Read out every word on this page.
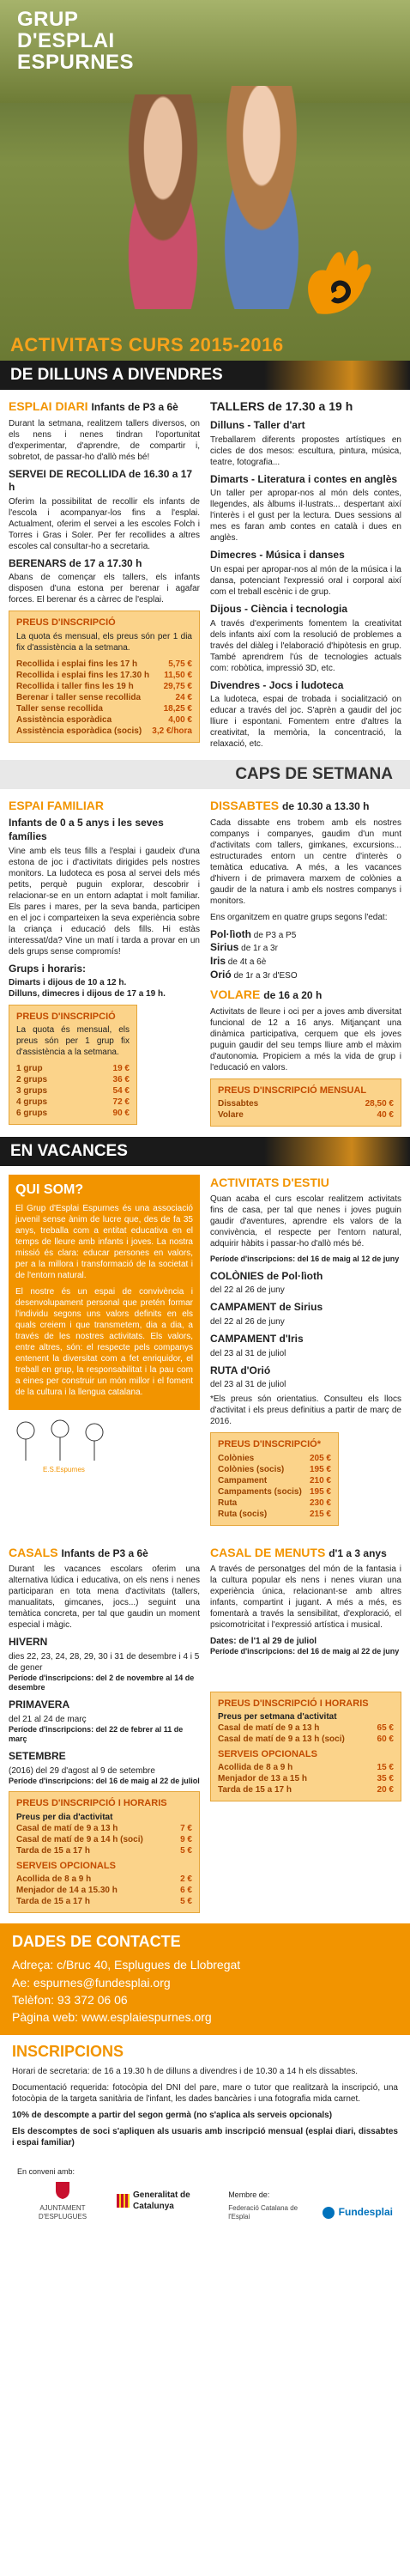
GRUP
D'ESPLAI
ESPURNES
ACTIVITATS CURS 2015-2016
DE DILLUNS A DIVENDRES
ESPLAI DIARI Infants de P3 a 6è

Durant la setmana, realitzem tallers diversos, on els nens i nenes tindran l'oportunitat d'experimentar, d'aprendre, de compartir i, sobretot, de passar-ho d'allò més bé!

SERVEI DE RECOLLIDA de 16.30 a 17 h

Oferim la possibilitat de recollir els infants de l'escola i acompanyar-los fins a l'esplai. Actualment, oferim el servei a les escoles Folch i Torres i Gras i Soler. Per fer recollides a altres escoles cal consultar-ho a secretaria.

BERENARS de 17 a 17.30 h

Abans de començar els tallers, els infants disposen d'una estona per berenar i agafar forces. El berenar és a càrrec de l'esplai.

PREUS D'INSCRIPCIÓ
La quota és mensual, els preus són per 1 dia fix d'assistència a la setmana.
Recollida i esplai fins les 17 h	5,75 €
Recollida i esplai fins les 17.30 h 11,50 €
Recollida i taller fins les 19 h	29,75 €
Berenar i taller sense recollida	24 €
Taller sense recollida	18,25 €
Assistència esporàdica	4,00 €
Assistència esporàdica (socis) 3,2 €/hora
TALLERS de 17.30 a 19 h
Dilluns - Taller d'art

Treballarem diferents propostes artístiques en cicles de dos mesos: escultura, pintura, música, teatre, fotografia...

Dimarts - Literatura i contes en anglès

Un taller per apropar-nos al món dels contes, llegendes, als àlbums il·lustrats... despertant així l'interès i el gust per la lectura. Dues sessions al mes es faran amb contes en català i dues en anglès.

Dimecres - Música i danses

Un espai per apropar-nos al món de la música i la dansa, potenciant l'expressió oral i corporal així com el treball escènic i de grup.

Dijous - Ciència i tecnologia

A través d'experiments fomentem la creativitat dels infants així com la resolució de problemes a través del diàleg i l'elaboració d'hipòtesis en grup. També aprendrem l'ús de tecnologies actuals com: robòtica, impressió 3D, etc.

Divendres - Jocs i ludoteca

La ludoteca, espai de trobada i socialització on educar a través del joc. S'aprèn a gaudir del joc lliure i espontani. Fomentem entre d'altres la creativitat, la memòria, la concentració, la relaxació, etc.

CAPS DE SETMANA
ESPAI FAMILIAR
Infants de 0 a 5 anys i les seves famílies

Vine amb els teus fills a l'esplai i gaudeix d'una estona de joc i d'activitats dirigides pels nostres monitors. La ludoteca es posa al servei dels més petits, perquè puguin explorar, descobrir i relacionar-se en un entorn adaptat i molt familiar. Els pares i mares, per la seva banda, participen en el joc i comparteixen la seva experiència sobre la criança i educació dels fills. Hi estàs interessat/da? Vine un matí i tarda a provar en un dels grups sense compromís!

Grups i horaris:
Dimarts i dijous de 10 a 12 h.
Dilluns, dimecres i dijous de 17 a 19 h.
PREUS D'INSCRIPCIÓ
La quota és mensual, els preus són per 1 grup fix d'assistència a la setmana.
1 grup	19 €
2 grups	36 €
3 grups	54 €
4 grups	72 €
6 grups	90 €
DISSABTES de 10.30 a 13.30 h

Cada dissabte ens trobem amb els nostres companys i companyes, gaudim d'un munt d'activitats com tallers, gimkanes, excursions... estructurades entorn un centre d'interès o temàtica educativa. A més, a les vacances d'hivern i de primavera marxem de colònies a gaudir de la natura i amb els nostres companys i monitors.

Ens organitzem en quatre grups segons l'edat:

Pol·lìoth de P3 a P5
Sirius de 1r a 3r
Iris de 4t a 6è
Orió de 1r a 3r d'ESO
VOLARE de 16 a 20 h

Activitats de lleure i oci per a joves amb diversitat funcional de 12 a 16 anys. Mitjançant una dinàmica participativa, cerquem que els joves puguin gaudir del seu temps lliure amb el màxim d'autonomia. Propiciem a més la vida de grup i l'educació en valors.

PREUS D'INSCRIPCIÓ MENSUAL
Dissabtes	28,50 €
Volare	40 €
EN VACANCES
QUI SOM?

El Grup d'Esplai Espurnes és una associació juvenil sense ànim de lucre que, des de fa 35 anys, treballa com a entitat educativa en el temps de lleure amb infants i joves. La nostra missió és clara: educar persones en valors, per a la millora i transformació de la societat i de l'entorn natural.

El nostre és un espai de convivència i desenvolupament personal que pretén formar l'individu segons uns valors definits en els quals creiem i que transmetem, dia a dia, a través de les nostres activitats. Els valors, entre altres, són: el respecte pels companys entenent la diversitat com a fet enriquidor, el treball en grup, la responsabilitat i la pau com a eines per construir un món millor i el foment de la cultura i la llengua catalana.

E.S.Espurnes
ACTIVITATS D'ESTIU

Quan acaba el curs escolar realitzem activitats fins de casa, per tal que nenes i joves puguin gaudir d'aventures, aprendre els valors de la convivència, el respecte per l'entorn natural, adquirir hàbits i passar-ho d'allò més bé.

Període d'inscripcions: del 16 de maig al 12 de juny
COLÒNIES de Pol·lìoth
del 22 al 26 de juny
CAMPAMENT de Sirius
del 22 al 26 de juny
CAMPAMENT d'Iris
del 23 al 31 de juliol
RUTA d'Orió
del 23 al 31 de juliol

*Els preus són orientatius. Consulteu els llocs d'activitat i els preus definitius a partir de març de 2016.

PREUS D'INSCRIPCIÓ*
Colònies	205 €
Colònies (socis)	195 €
Campament	210 €
Campaments (socis) 195 €
Ruta	230 €
Ruta (socis)	215 €
CASALS Infants de P3 a 6è

Durant les vacances escolars oferim una alternativa lúdica i educativa, on els nens i nenes participaran en tota mena d'activitats (tallers, manualitats, gimcanes, jocs...) seguint una temàtica concreta, per tal que gaudin un moment especial i màgic.

HIVERN
dies 22, 23, 24, 28, 29, 30 i 31 de desembre i 4 i 5 de gener
Període d'inscripcions: del 2 de novembre al 14 de desembre
PRIMAVERA
del 21 al 24 de març
Període d'inscripcions: del 22 de febrer al 11 de març
SETEMBRE
(2016) del 29 d'agost al 9 de setembre
Període d'inscripcions: del 16 de maig al 22 de juliol
PREUS D'INSCRIPCIÓ I HORARIS
Preus per dia d'activitat
Casal de matí de 9 a 13 h	7 €
Casal de matí de 9 a 14 h (soci)	9 €
Tarda de 15 a 17 h	5 €
SERVEIS OPCIONALS
Acollida de 8 a 9 h	2 €
Menjador de 14 a 15.30 h	6 €
Tarda de 15 a 17 h	5 €
CASAL DE MENUTS d'1 a 3 anys

A través de personatges del món de la fantasia i la cultura popular els nens i nenes viuran una experiència única, relacionant-se amb altres infants, compartint i jugant. A més a més, es fomentarà a través la sensibilitat, d'exploració, el psicomotricitat i l'expressió artística i musical.

Dates: de l'1 al 29 de juliol
Període d'inscripcions: del 16 de maig al 22 de juny
PREUS D'INSCRIPCIÓ I HORARIS
Preus per setmana d'activitat
Casal de matí de 9 a 13 h	65 €
Casal de matí de 9 a 13 h (soci)	60 €
SERVEIS OPCIONALS
Acollida de 8 a 9 h	15 €
Menjador de 13 a 15 h	35 €
Tarda de 15 a 17 h	20 €
DADES DE CONTACTE
Adreça: c/Bruc 40, Esplugues de Llobregat
Ae: espurnes@fundesplai.org
Telèfon: 93 372 06 06
Pàgina web: www.esplaiespurnes.org
INSCRIPCIONS

Horari de secretaria: de 16 a 19.30 h de dilluns a divendres i de 10.30 a 14 h els dissabtes.

Documentació requerida: fotocòpia del DNI del pare, mare o tutor que realitzarà la inscripció, una fotocòpia de la targeta sanitària de l'infant, les dades bancàries i una fotografia mida carnet.

10% de descompte a partir del segon germà (no s'aplica als serveis opcionals)

Els descomptes de soci s'apliquen als usuaris amb inscripció mensual (esplai diari, dissabtes i espai familiar)

En conveni amb:
AJUNTAMENT D'ESPLUGUES
Generalitat de Catalunya
Membre de:
Federació Catalana de l'Esplai	Fundesplai
